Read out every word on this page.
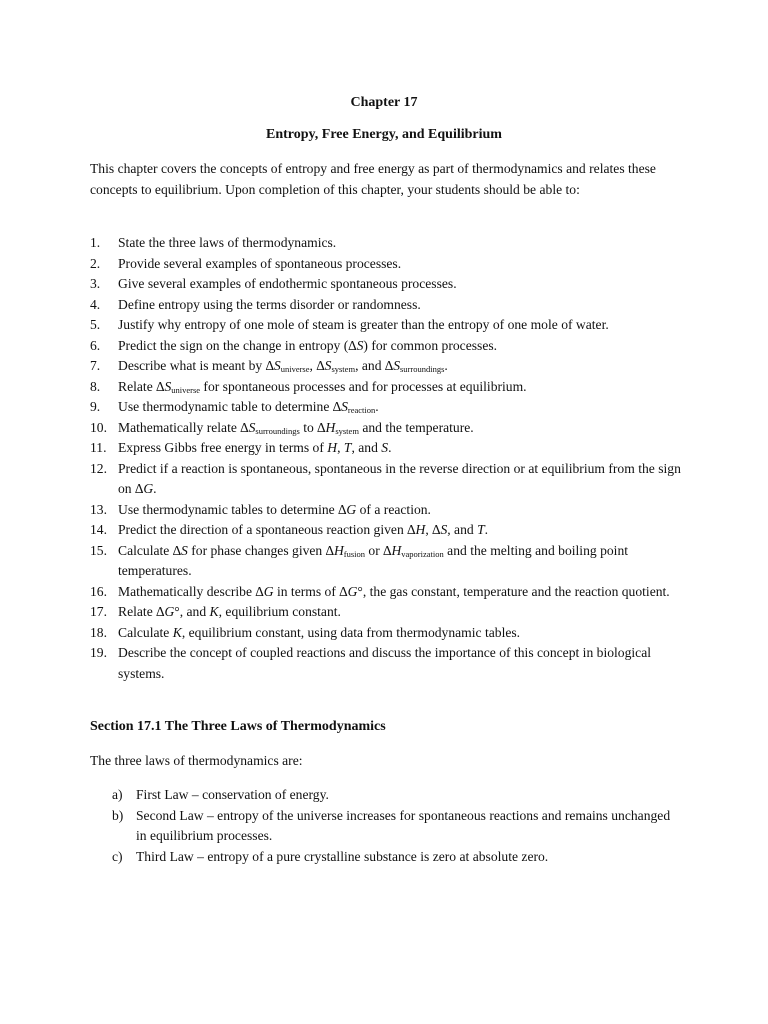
Chapter 17
Entropy, Free Energy, and Equilibrium

This chapter covers the concepts of entropy and free energy as part of thermodynamics and relates these concepts to equilibrium. Upon completion of this chapter, your students should be able to:

1.	State the three laws of thermodynamics.
2.	Provide several examples of spontaneous processes.
3.	Give several examples of endothermic spontaneous processes.
4.	Define entropy using the terms disorder or randomness.
5.	Justify why entropy of one mole of steam is greater than the entropy of one mole of water.
6.	Predict the sign on the change in entropy (∆S) for common processes.
7.	Describe what is meant by $\Delta S_{universe}$, $\Delta S_{system}$, and $\Delta S_{surroundings}$.
8.	Relate $\Delta S_{universe}$ for spontaneous processes and for processes at equilibrium.
9.	Use thermodynamic table to determine $\Delta S_{reaction}$.
10. Mathematically relate $\Delta S_{surroundings}$ to $\Delta H_{system}$ and the temperature.
11. Express Gibbs free energy in terms of H, T, and S.
12. Predict if a reaction is spontaneous, spontaneous in the reverse direction or at equilibrium from the sign on ∆G.
13. Use thermodynamic tables to determine ∆G of a reaction.
14. Predict the direction of a spontaneous reaction given ∆H, ∆S, and T.
15. Calculate ∆S for phase changes given $\Delta H_{fusion}$ or $\Delta H_{vaporization}$ and the melting and boiling point temperatures.
16. Mathematically describe ∆G in terms of ∆G°, the gas constant, temperature and the reaction quotient.
17. Relate ∆G°, and K, equilibrium constant.
18. Calculate K, equilibrium constant, using data from thermodynamic tables.
19. Describe the concept of coupled reactions and discuss the importance of this concept in biological systems.
Section 17.1 The Three Laws of Thermodynamics

The three laws of thermodynamics are:

a) First Law – conservation of energy.
b) Second Law – entropy of the universe increases for spontaneous reactions and remains unchanged in equilibrium processes.
c) Third Law – entropy of a pure crystalline substance is zero at absolute zero.
